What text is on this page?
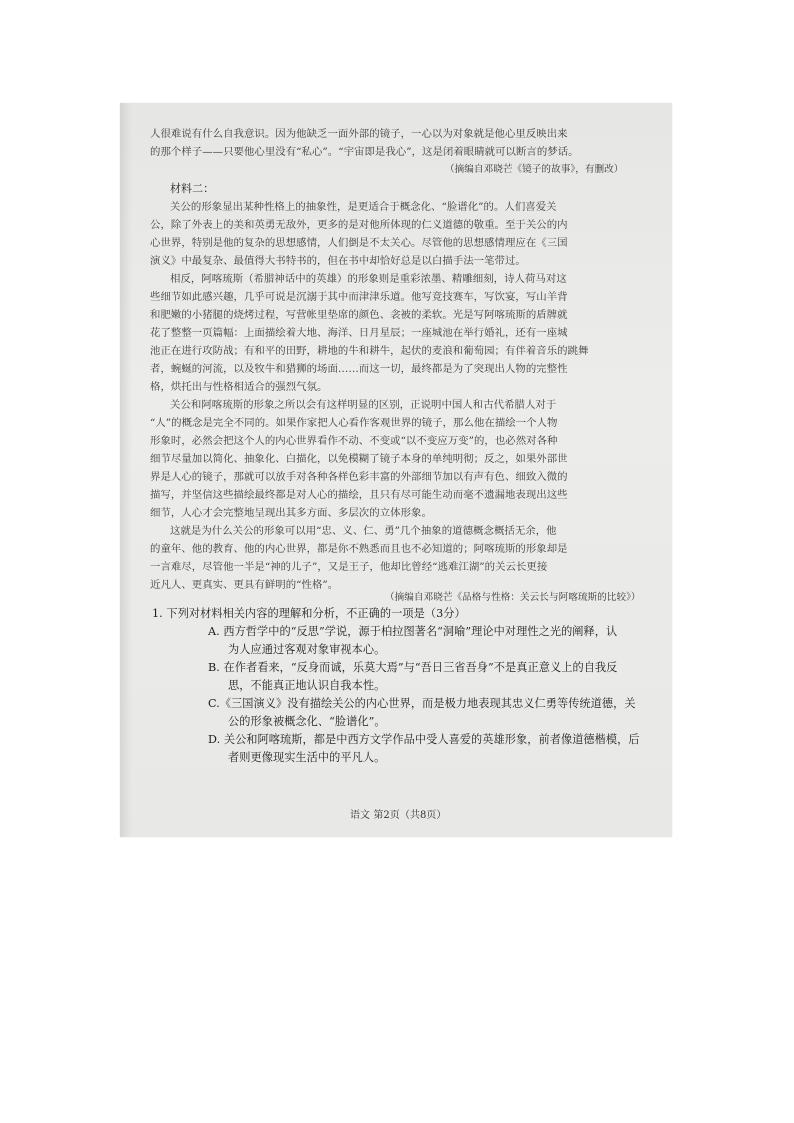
人很难说有什么自我意识。因为他缺乏一面外部的镜子，一心以为对象就是他心里反映出来
的那个样子——只要他心里没有“私心”。“宇宙即是我心”，这是闭着眼睛就可以断言的梦话。
（摘编自邓晓芒《镜子的故事》，有删改）
材料二：
关公的形象显出某种性格上的抽象性，是更适合于概念化、“脸谱化”的。人们喜爱关
公，除了外表上的美和英勇无敌外，更多的是对他所体现的仁义道德的敬重。至于关公的内
心世界，特别是他的复杂的思想感情，人们倒是不太关心。尽管他的思想感情理应在《三国
演义》中最复杂、最值得大书特书的，但在书中却恰好总是以白描手法一笔带过。
相反，阿喀琉斯（希腊神话中的英雄）的形象则是重彩浓墨、精雕细刻，诗人荷马对这
些细节如此感兴趣，几乎可说是沉溺于其中而津津乐道。他写竞技赛车，写饮宴，写山羊背
和肥嫩的小猪腿的烧烤过程，写营帐里垫席的颜色、衾被的柔软。光是写阿喀琉斯的盾牌就
花了整整一页篇幅：上面描绘着大地、海洋、日月星辰；一座城池在举行婚礼，还有一座城
池正在进行攻防战；有和平的田野，耕地的牛和耕牛，起伏的麦浪和葡萄园；有伴着音乐的跳舞
者，蜿蜒的河流，以及牧牛和猎狮的场面……而这一切，最终都是为了突现出人物的完整性
格，烘托出与性格相适合的强烈气氛。
关公和阿喀琉斯的形象之所以会有这样明显的区别，正说明中国人和古代希腊人对于
“人”的概念是完全不同的。如果作家把人心看作客观世界的镜子，那么他在描绘一个人物
形象时，必然会把这个人的内心世界看作不动、不变或“以不变应万变”的，也必然对各种
细节尽量加以简化、抽象化、白描化，以免模糊了镜子本身的单纯明彻；反之，如果外部世
界是人心的镜子，那就可以放手对各种各样色彩丰富的外部细节加以有声有色、细致入微的
描写，并坚信这些描绘最终都是对人心的描绘，且只有尽可能生动而毫不遗漏地表现出这些
细节，人心才会完整地呈现出其多方面、多层次的立体形象。
这就是为什么关公的形象可以用“忠、义、仁、勇”几个抽象的道德概念概括无余，他
的童年、他的教育、他的内心世界，都是你不熟悉而且也不必知道的；阿喀琉斯的形象却是
一言难尽，尽管他一半是“神的儿子”，又是王子，他却比曾经“逃难江湖”的关云长更接
近凡人、更真实、更具有鲜明的“性格”。
（摘编自邓晓芒《品格与性格：关云长与阿喀琉斯的比较》）
1. 下列对材料相关内容的理解和分析，不正确的一项是（3分）
A. 西方哲学中的“反思”学说，源于柏拉图著名“洞喻”理论中对理性之光的阐释，认
为人应通过客观对象审视本心。
B. 在作者看来，“反身而诚，乐莫大焉”与“吾日三省吾身”不是真正意义上的自我反
思，不能真正地认识自我本性。
C.《三国演义》没有描绘关公的内心世界，而是极力地表现其忠义仁勇等传统道德，关
公的形象被概念化、“脸谱化”。
D. 关公和阿喀琉斯，都是中西方文学作品中受人喜爱的英雄形象，前者像道德楷模，后
者则更像现实生活中的平凡人。
语文 第2页（共8页）
